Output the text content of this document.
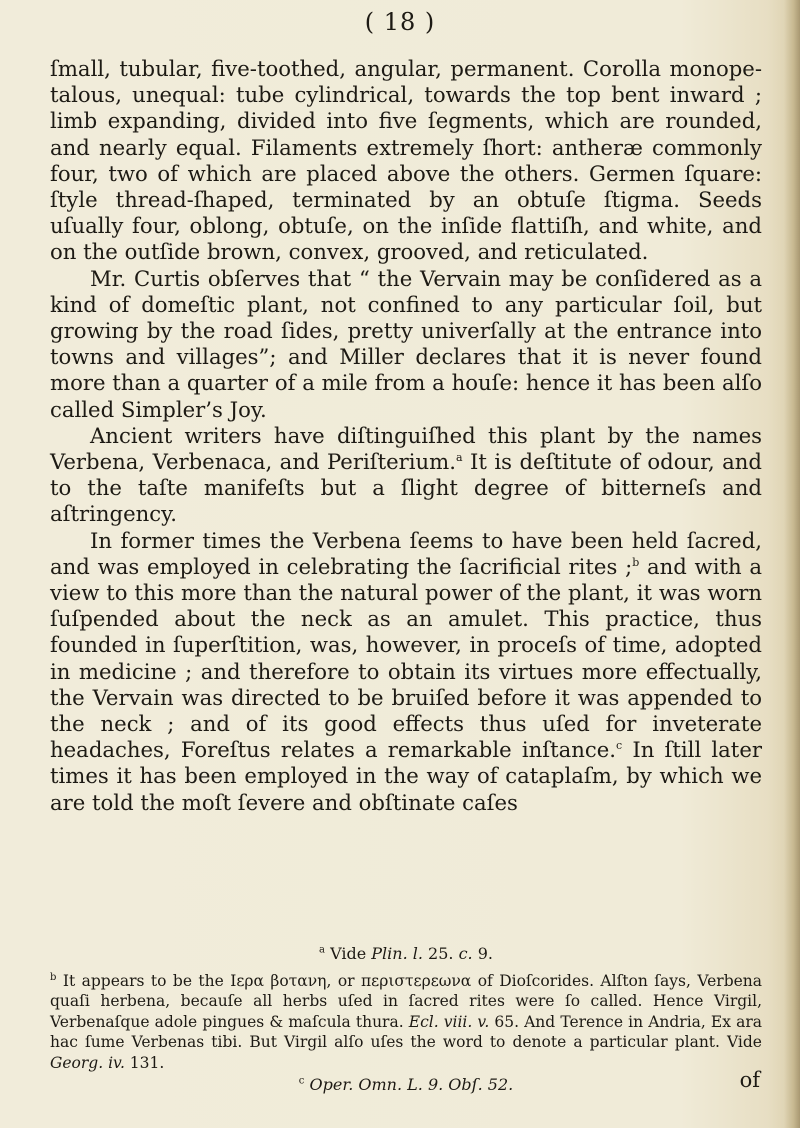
( 18 )

ſmall, tubular, five-toothed, angular, permanent. Corolla monopetalous, unequal: tube cylindrical, towards the top bent inward ; limb expanding, divided into five ſegments, which are rounded, and nearly equal. Filaments extremely ſhort: antheræ commonly four, two of which are placed above the others. Germen ſquare: ſtyle thread-ſhaped, terminated by an obtuſe ſtigma. Seeds uſually four, oblong, obtuſe, on the inſide flattiſh, and white, and on the outſide brown, convex, grooved, and reticulated.

Mr. Curtis obſerves that “ the Vervain may be conſidered as a kind of domeſtic plant, not confined to any particular ſoil, but growing by the road ſides, pretty univerſally at the entrance into towns and villages”; and Miller declares that it is never found more than a quarter of a mile from a houſe: hence it has been alſo called Simpler’s Joy.

Ancient writers have diſtinguiſhed this plant by the names Verbena, Verbenaca, and Periſterium.$^a$ It is deſtitute of odour, and to the taſte manifeſts but a ſlight degree of bitterneſs and aſtringency.

In former times the Verbena ſeems to have been held ſacred, and was employed in celebrating the ſacrificial rites ;$^b$ and with a view to this more than the natural power of the plant, it was worn ſuſpended about the neck as an amulet. This practice, thus founded in ſuperſtition, was, however, in proceſs of time, adopted in medicine ; and therefore to obtain its virtues more effectually, the Vervain was directed to be bruiſed before it was appended to the neck ; and of its good effects thus uſed for inveterate headaches, Foreſtus relates a remarkable inſtance.$^c$ In ſtill later times it has been employed in the way of cataplaſm, by which we are told the moſt ſevere and obſtinate caſes

$^a$ Vide Plin. l. 25. c. 9.

$^b$ It appears to be the Ιερα βοτανη, or περιστερεωνα of Dioſcorides. Alſton ſays, Verbena quaſi herbena, becauſe all herbs uſed in ſacred rites were ſo called. Hence Virgil, Verbenaſque adole pingues & maſcula thura. Ecl. viii. v. 65. And Terence in Andria, Ex ara hac ſume Verbenas tibi. But Virgil alſo uſes the word to denote a particular plant. Vide Georg. iv. 131.

$^c$ Oper. Omn. L. 9. Obſ. 52.	of
